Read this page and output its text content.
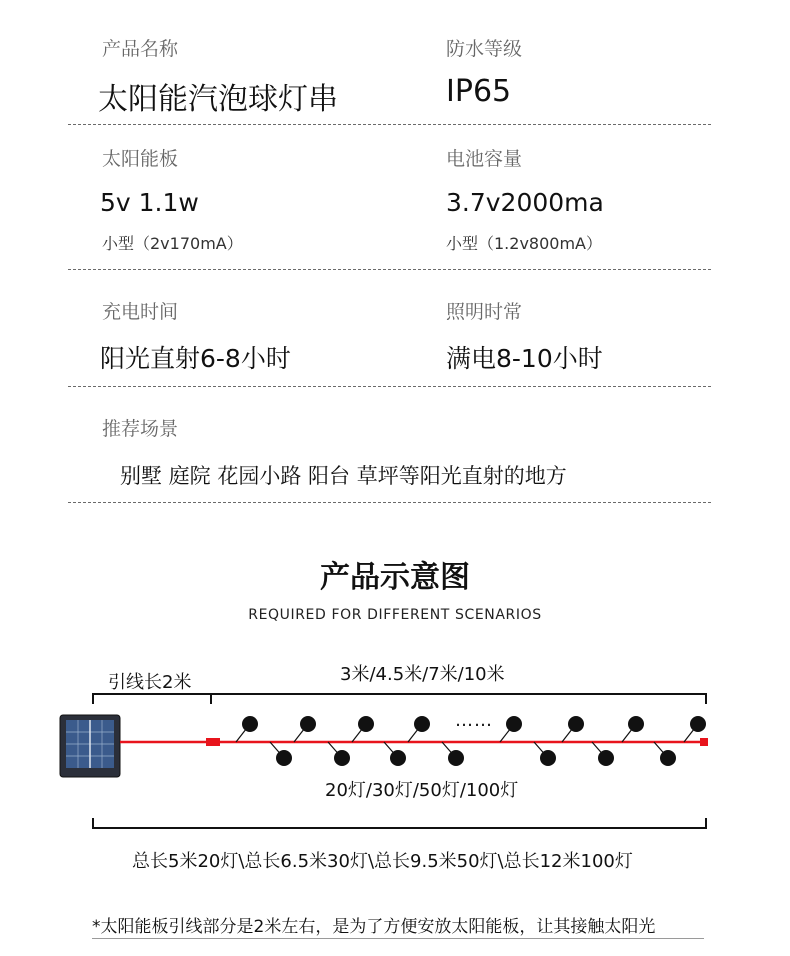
产品名称	防水等级
太阳能汽泡球灯串	IP65
太阳能板	电池容量
5v 1.1w	3.7v2000ma
小型（2v170mA）	小型（1.2v800mA）
充电时间	照明时常
阳光直射6-8小时	满电8-10小时
推荐场景
别墅 庭院 花园小路 阳台 草坪等阳光直射的地方
产品示意图
REQUIRED FOR DIFFERENT SCENARIOS
引线长2米	3米/4.5米/7米/10米
……
20灯/30灯/50灯/100灯
总长5米20灯\总长6.5米30灯\总长9.5米50灯\总长12米100灯
*太阳能板引线部分是2米左右，是为了方便安放太阳能板，让其接触太阳光
